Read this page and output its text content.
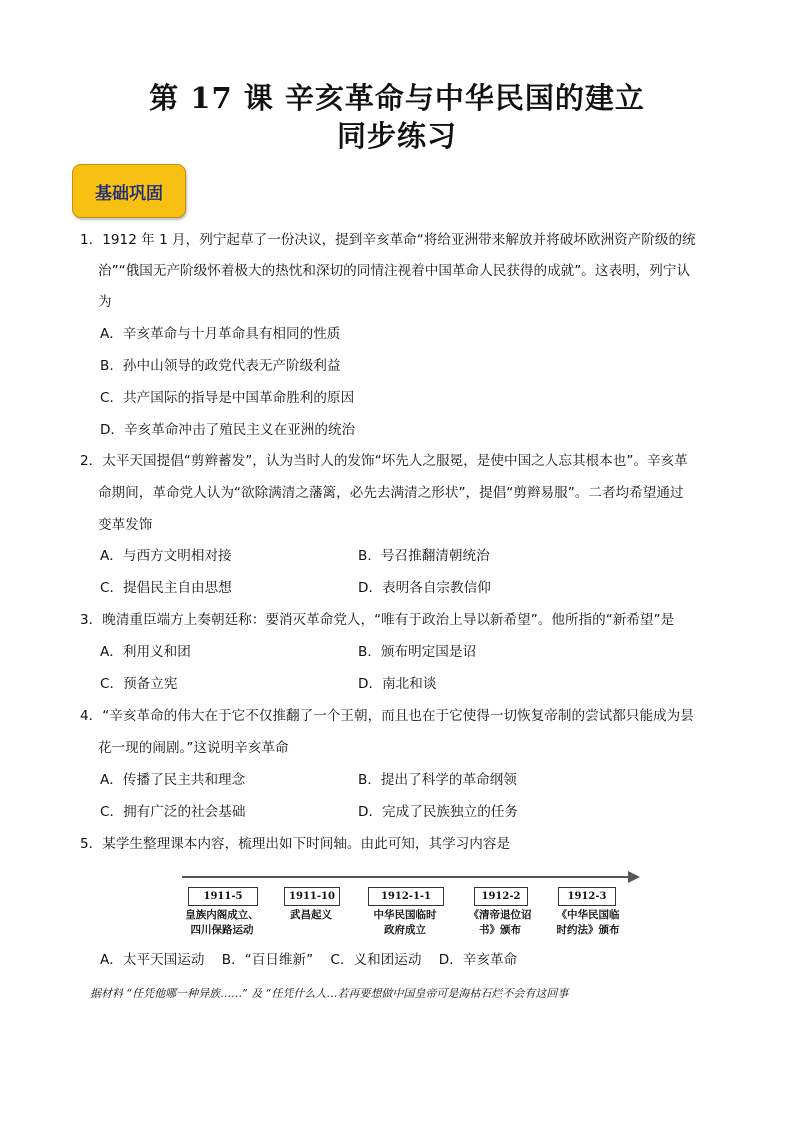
第 17 课 辛亥革命与中华民国的建立
同步练习
基础巩固
1．1912 年 1 月，列宁起草了一份决议，提到辛亥革命“将给亚洲带来解放并将破坏欧洲资产阶级的统
治”“俄国无产阶级怀着极大的热忱和深切的同情注视着中国革命人民获得的成就”。这表明，列宁认
为
A．辛亥革命与十月革命具有相同的性质
B．孙中山领导的政党代表无产阶级利益
C．共产国际的指导是中国革命胜利的原因
D．辛亥革命冲击了殖民主义在亚洲的统治
2．太平天国提倡“剪辫蓄发”，认为当时人的发饰“坏先人之服冕，是使中国之人忘其根本也”。辛亥革
命期间，革命党人认为“欲除满清之藩篱，必先去满清之形状”，提倡“剪辫易服”。二者均希望通过
变革发饰
A．与西方文明相对接	B．号召推翻清朝统治
C．提倡民主自由思想	D．表明各自宗教信仰
3．晚清重臣端方上奏朝廷称：要消灭革命党人，“唯有于政治上导以新希望”。他所指的“新希望”是
A．利用义和团	B．颁布明定国是诏
C．预备立宪	D．南北和谈
4．“辛亥革命的伟大在于它不仅推翻了一个王朝，而且也在于它使得一切恢复帝制的尝试都只能成为昙
花一现的闹剧。”这说明辛亥革命
A．传播了民主共和理念	B．提出了科学的革命纲领
C．拥有广泛的社会基础	D．完成了民族独立的任务
5．某学生整理课本内容，梳理出如下时间轴。由此可知，其学习内容是
1911-5	1911-10	1912-1-1	1912-2	1912-3
皇族内阁成立、
四川保路运动
武昌起义	中华民国临时
政府成立
《清帝退位诏
书》颁布
《中华民国临
时约法》颁布
A．太平天国运动    B．“百日维新”    C．义和团运动    D．辛亥革命
据材料 “任凭他哪一种异族……” 及 “任凭什么人…若再要想做中国皇帝可是海枯石烂不会有这回事
